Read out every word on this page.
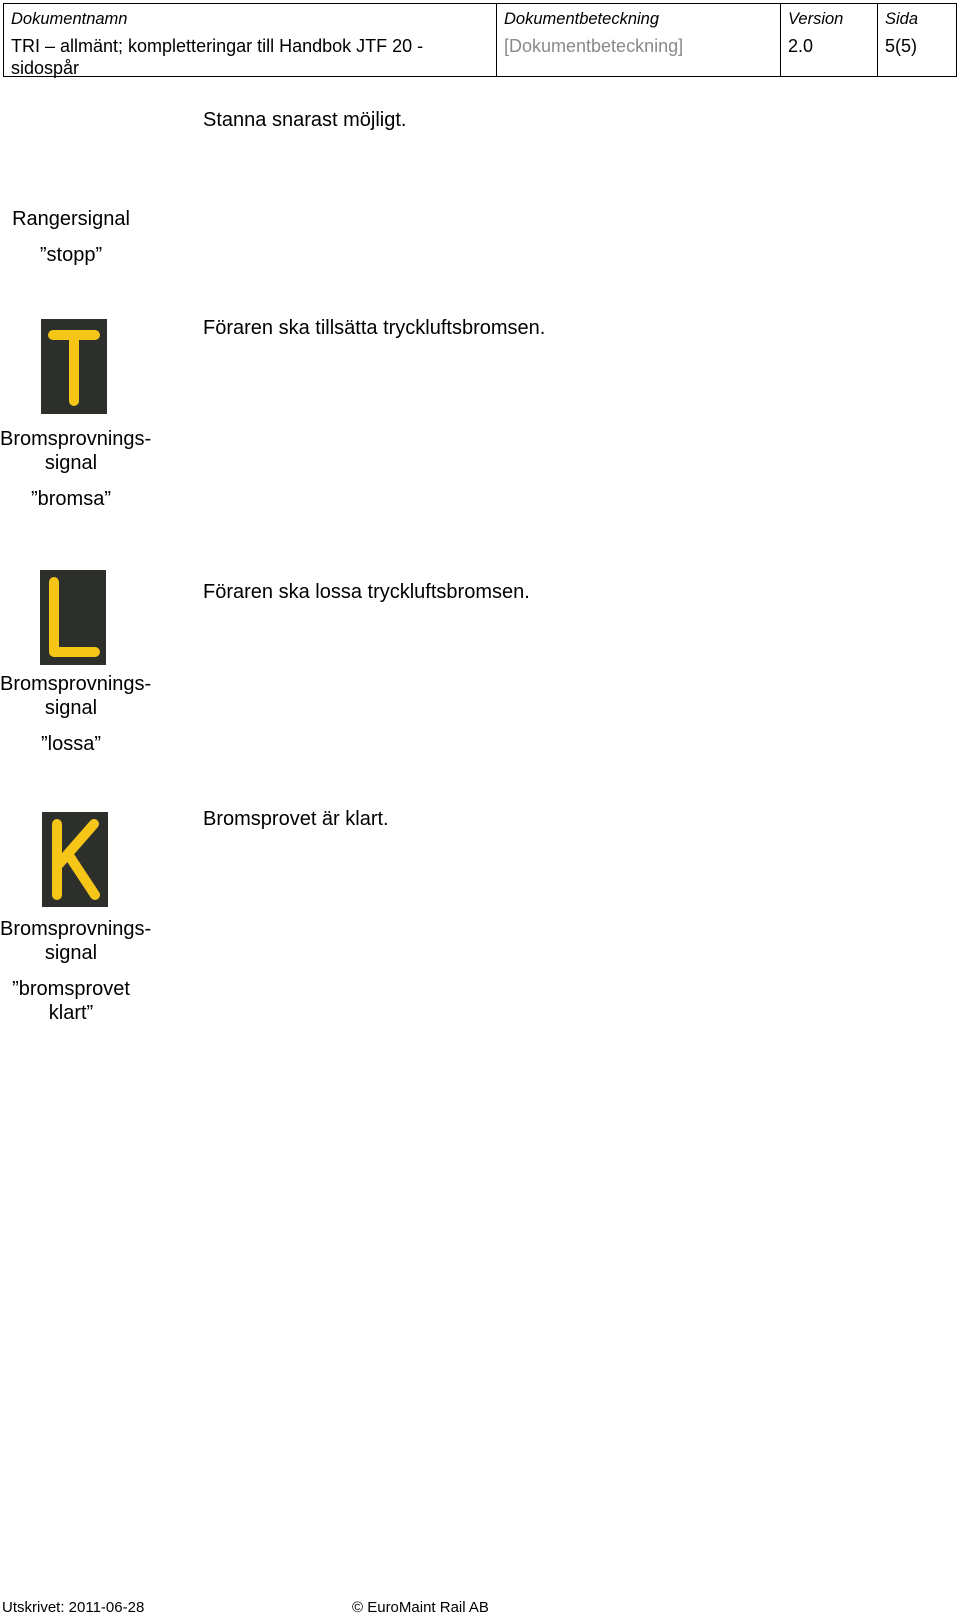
Dokumentnamn
TRI – allmänt; kompletteringar till Handbok JTF 20 - sidospår
Dokumentbeteckning
[Dokumentbeteckning]
Version
2.0
Sida
5(5)
Stanna snarast möjligt.
Rangersignal
”stopp”
Föraren ska tillsätta tryckluftsbromsen.
Bromsprovnings-
signal
”bromsa”
Föraren ska lossa tryckluftsbromsen.
Bromsprovnings-
signal
”lossa”
Bromsprovet är klart.
Bromsprovnings-
signal
”bromsprovet
klart”
Utskrivet: 2011-06-28	© EuroMaint Rail AB
